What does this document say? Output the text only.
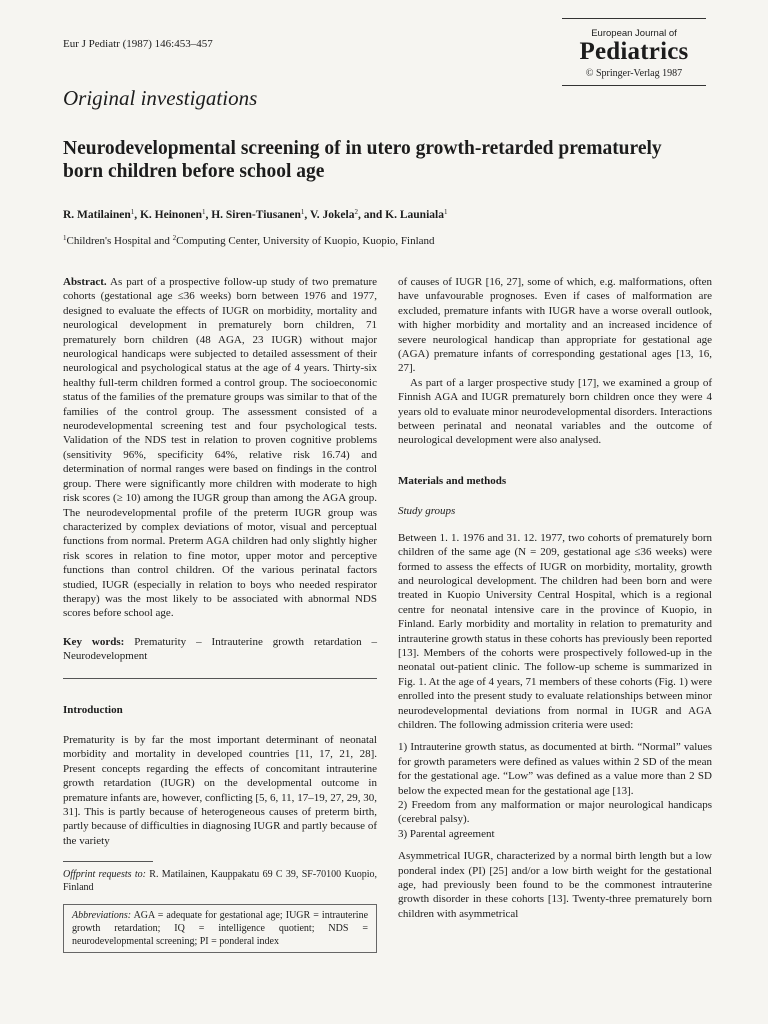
Eur J Pediatr (1987) 146:453–457
European Journal of
Pediatrics
© Springer-Verlag 1987
Original investigations
Neurodevelopmental screening of in utero growth-retarded prematurely born children before school age
R. Matilainen$^1$, K. Heinonen$^1$, H. Siren-Tiusanen$^1$, V. Jokela$^2$, and K. Launiala$^1$
$^1$Children's Hospital and $^2$Computing Center, University of Kuopio, Kuopio, Finland

Abstract. As part of a prospective follow-up study of two premature cohorts (gestational age ≤36 weeks) born between 1976 and 1977, designed to evaluate the effects of IUGR on morbidity, mortality and neurological development in prematurely born children, 71 prematurely born children (48 AGA, 23 IUGR) without major neurological handicaps were subjected to detailed assessment of their neurological and psychological status at the age of 4 years. Thirty-six healthy full-term children formed a control group. The socioeconomic status of the families of the premature groups was similar to that of the families of the control group. The assessment consisted of a neurodevelopmental screening test and four psychological tests. Validation of the NDS test in relation to proven cognitive problems (sensitivity 96%, specificity 64%, relative risk 16.74) and determination of normal ranges were based on findings in the control group. There were significantly more children with moderate to high risk scores (≥ 10) among the IUGR group than among the AGA group. The neurodevelopmental profile of the preterm IUGR group was characterized by complex deviations of motor, visual and perceptual functions from normal. Preterm AGA children had only slightly higher risk scores in relation to fine motor, upper motor and perceptive functions than control children. Of the various perinatal factors studied, IUGR (especially in relation to boys who needed respirator therapy) was the most likely to be associated with abnormal NDS scores before school age.

Key words: Prematurity – Intrauterine growth retardation – Neurodevelopment

Introduction

Prematurity is by far the most important determinant of neonatal morbidity and mortality in developed countries [11, 17, 21, 28]. Present concepts regarding the effects of concomitant intrauterine growth retardation (IUGR) on the developmental outcome in premature infants are, however, conflicting [5, 6, 11, 17–19, 27, 29, 30, 31]. This is partly because of heterogeneous causes of preterm birth, partly because of difficulties in diagnosing IUGR and partly because of the variety

Offprint requests to: R. Matilainen, Kauppakatu 69 C 39, SF-70100 Kuopio, Finland

Abbreviations: AGA = adequate for gestational age; IUGR = intrauterine growth retardation; IQ = intelligence quotient; NDS = neurodevelopmental screening; PI = ponderal index

of causes of IUGR [16, 27], some of which, e.g. malformations, often have unfavourable prognoses. Even if cases of malformation are excluded, premature infants with IUGR have a worse overall outlook, with higher morbidity and mortality and an increased incidence of severe neurological handicap than appropriate for gestational age (AGA) premature infants of corresponding gestational ages [13, 16, 27].

As part of a larger prospective study [17], we examined a group of Finnish AGA and IUGR prematurely born children once they were 4 years old to evaluate minor neurodevelopmental disorders. Interactions between perinatal and neonatal variables and the outcome of neurological development were also analysed.

Materials and methods

Study groups

Between 1. 1. 1976 and 31. 12. 1977, two cohorts of prematurely born children of the same age (N = 209, gestational age ≤36 weeks) were formed to assess the effects of IUGR on morbidity, mortality, growth and neurological development. The children had been born and were treated in Kuopio University Central Hospital, which is a regional centre for neonatal intensive care in the province of Kuopio, in Finland. Early morbidity and mortality in relation to prematurity and intrauterine growth status in these cohorts has previously been reported [13]. Members of the cohorts were prospectively followed-up in the neonatal out-patient clinic. The follow-up scheme is summarized in Fig. 1. At the age of 4 years, 71 members of these cohorts (Fig. 1) were enrolled into the present study to evaluate relationships between minor neurodevelopmental deviations from normal in IUGR and AGA children. The following admission criteria were used:

1) Intrauterine growth status, as documented at birth. “Normal” values for growth parameters were defined as values within 2 SD of the mean for the gestational age. “Low” was defined as a value more than 2 SD below the expected mean for the gestational age [13].

2) Freedom from any malformation or major neurological handicaps (cerebral palsy).

3) Parental agreement

Asymmetrical IUGR, characterized by a normal birth length but a low ponderal index (PI) [25] and/or a low birth weight for the gestational age, had previously been found to be the commonest intrauterine growth disorder in these cohorts [13]. Twenty-three prematurely born children with asymmetrical
